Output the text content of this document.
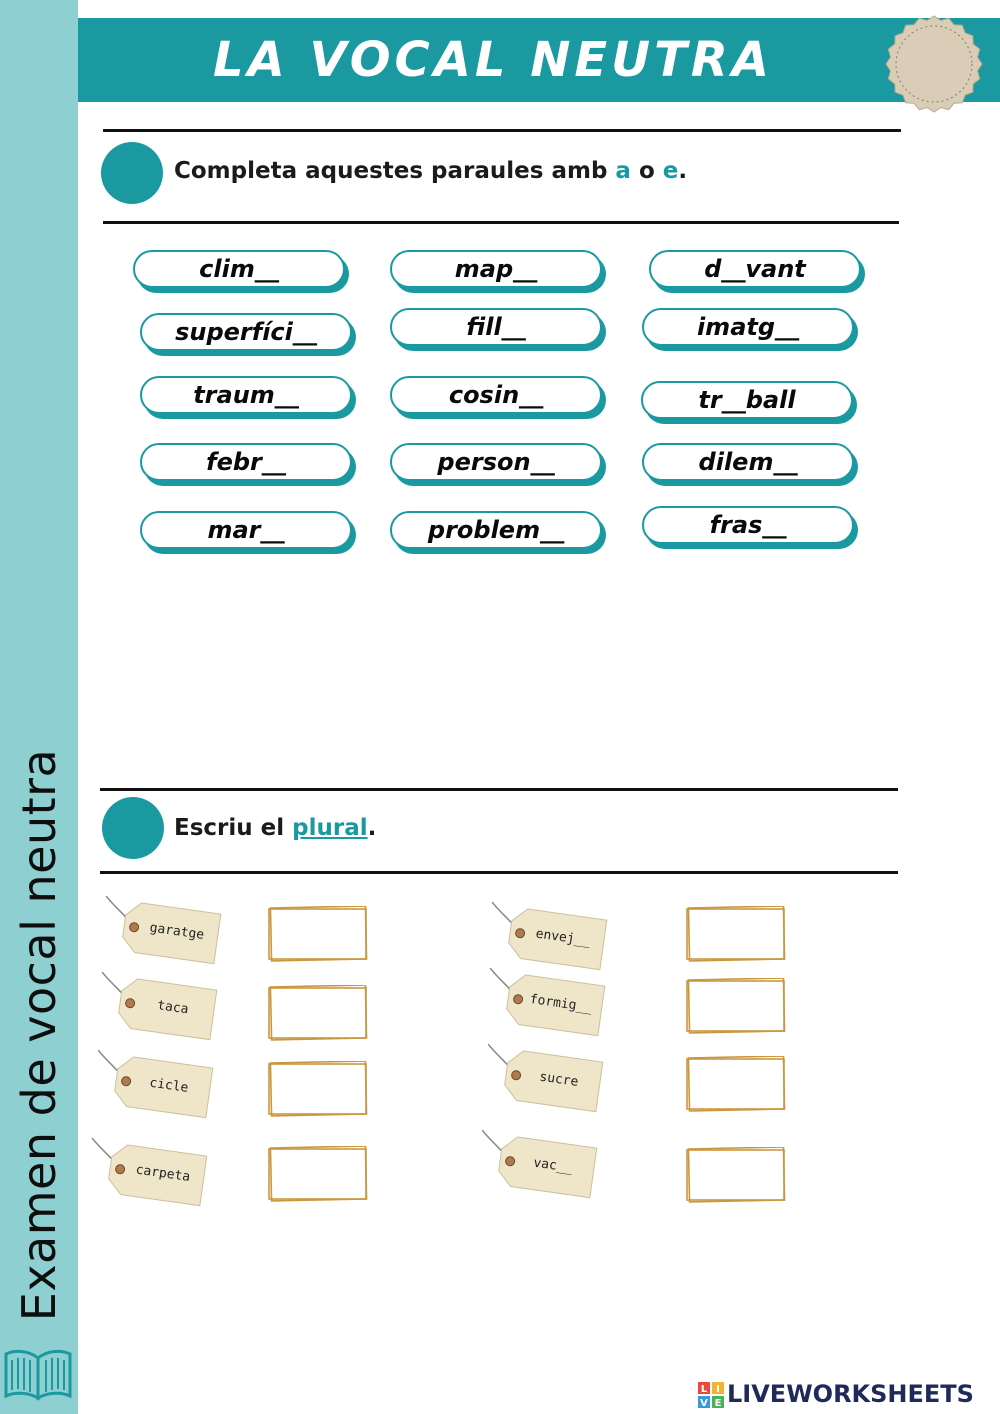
Examen de vocal neutra
LA VOCAL NEUTRA
Completa aquestes paraules amb a o e.
clim__	map__	d__vant
superfíci__	fill__	imatg__
traum__	cosin__	tr__ball
febr__	person__	dilem__
mar__	problem__	fras__
Escriu el plural.
garatge
taca
cicle
carpeta
envej__
formig__
sucre
vac__
L I
V E LIVEWORKSHEETS
